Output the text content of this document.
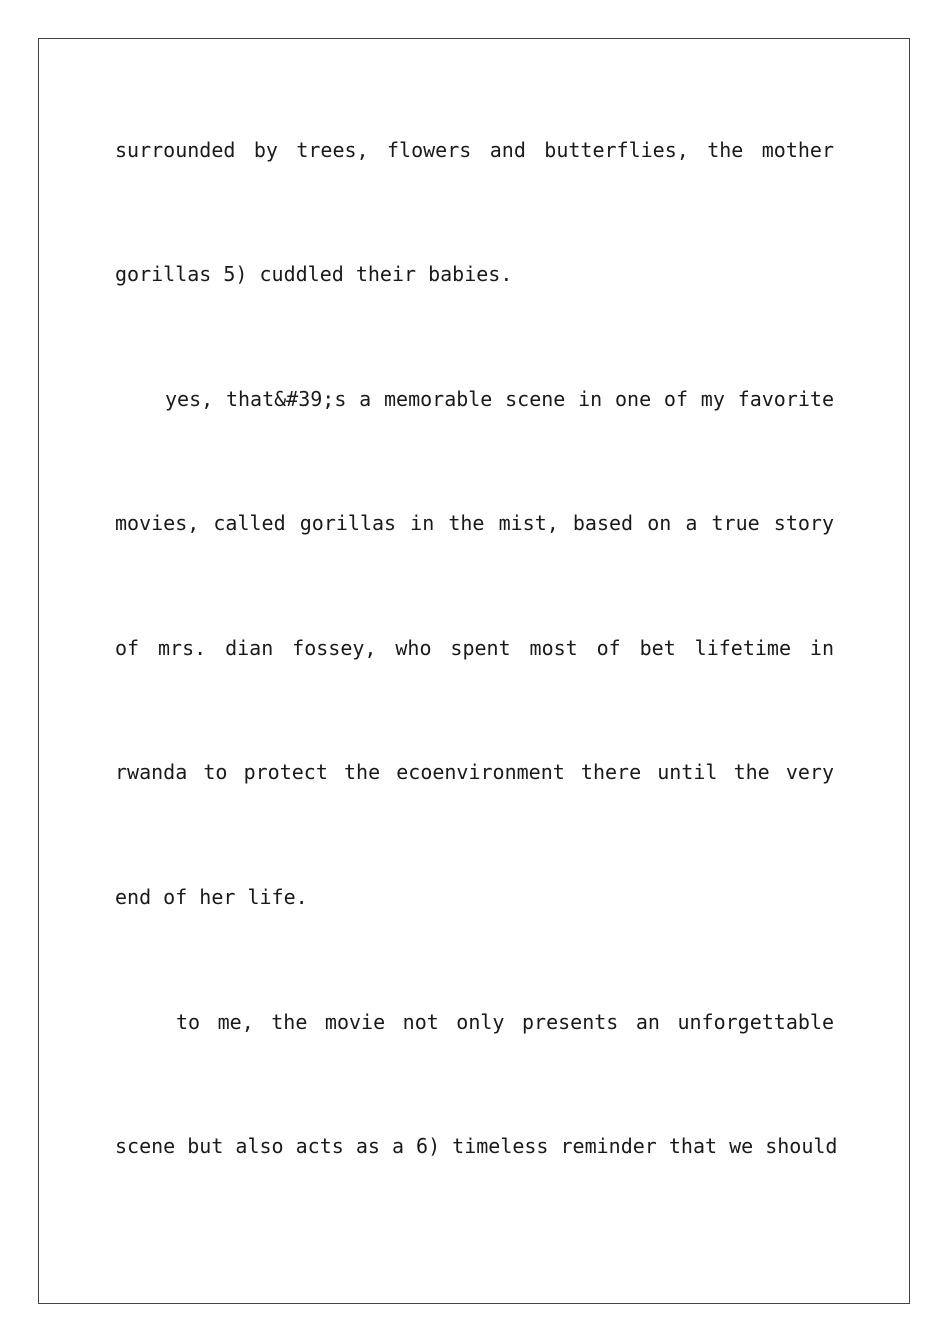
surrounded by trees, flowers and butterflies, the mother
gorillas 5) cuddled their babies.
yes, that&#39;s a memorable scene in one of my favorite
movies, called gorillas in the mist, based on a true story
of mrs. dian fossey, who spent most of bet lifetime in
rwanda to protect the ecoenvironment there until the very
end of her life.
to me, the movie not only presents an unforgettable
scene but also acts as a 6) timeless reminder that we should
